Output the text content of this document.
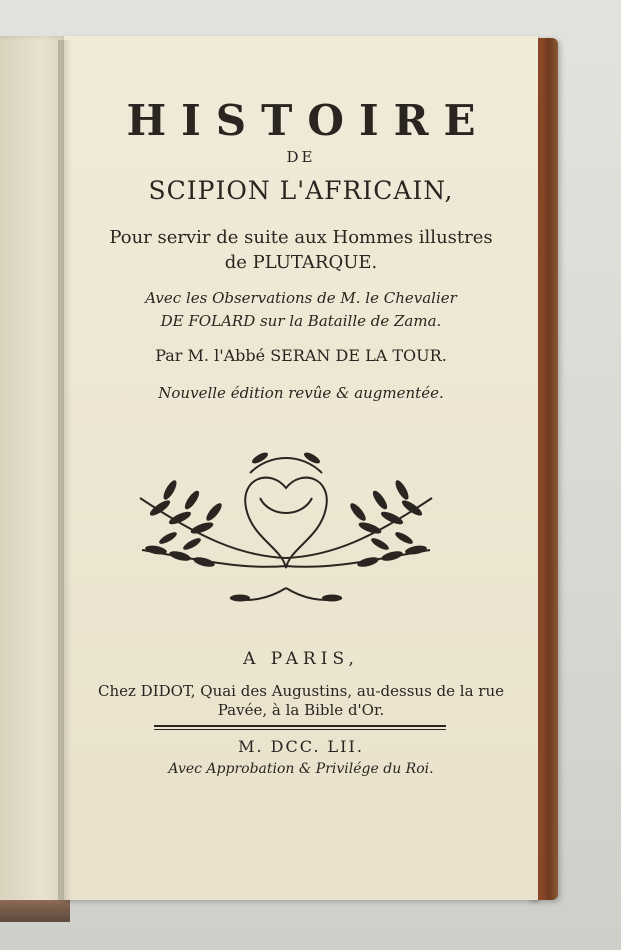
HISTOIRE
DE
SCIPION L'AFRICAIN,
Pour servir de suite aux Hommes illustres
de PLUTARQUE.
Avec les Observations de M. le Chevalier
DE FOLARD sur la Bataille de Zama.
Par M. l'Abbé SERAN DE LA TOUR.
Nouvelle édition revûe & augmentée.
A PARIS,
Chez DIDOT, Quai des Augustins, au-dessus de la rue
Pavée, à la Bible d'Or.
M. DCC. LII.
Avec Approbation & Privilége du Roi.
